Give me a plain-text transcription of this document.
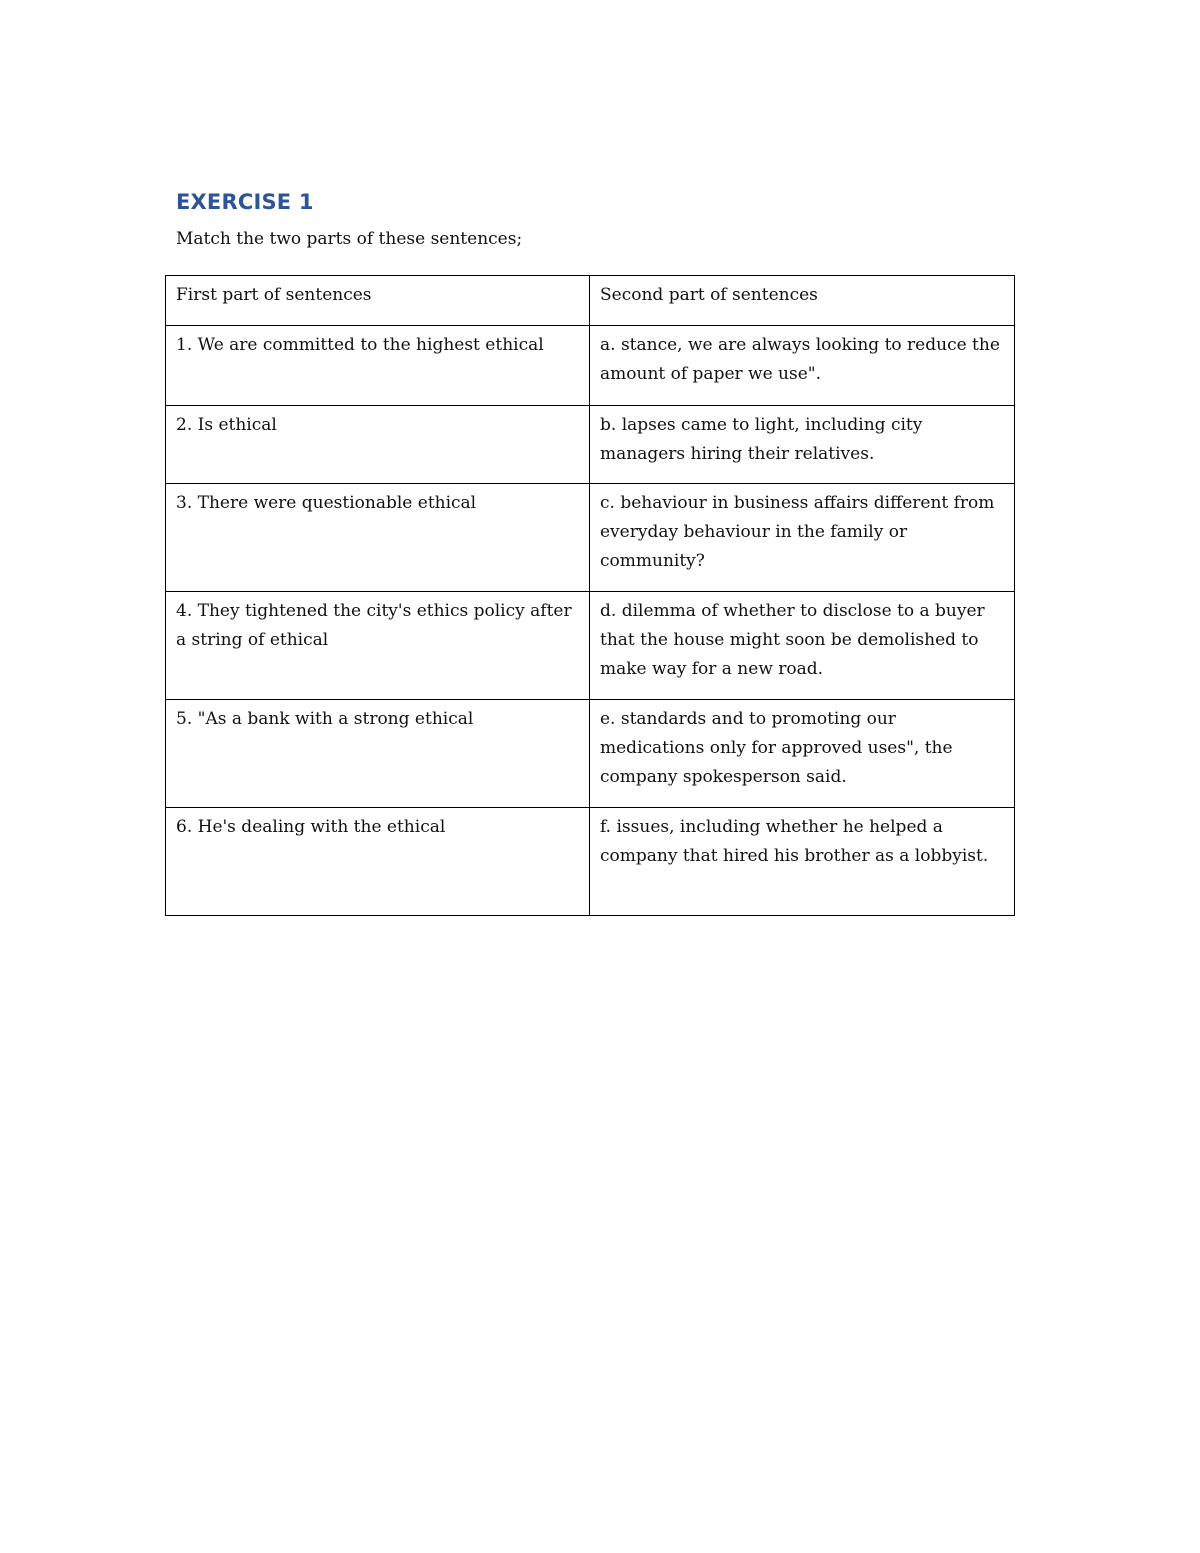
EXERCISE 1
Match the two parts of these sentences;
First part of sentences	Second part of sentences
1. We are committed to the highest ethical	a. stance, we are always looking to reduce the amount of paper we use".
2. Is ethical	b. lapses came to light, including city managers hiring their relatives.
3. There were questionable ethical	c. behaviour in business affairs different from everyday behaviour in the family or community?
4. They tightened the city's ethics policy after a string of ethical	d. dilemma of whether to disclose to a buyer that the house might soon be demolished to make way for a new road.
5. "As a bank with a strong ethical	e. standards and to promoting our medications only for approved uses", the company spokesperson said.
6. He's dealing with the ethical	f. issues, including whether he helped a company that hired his brother as a lobbyist.
